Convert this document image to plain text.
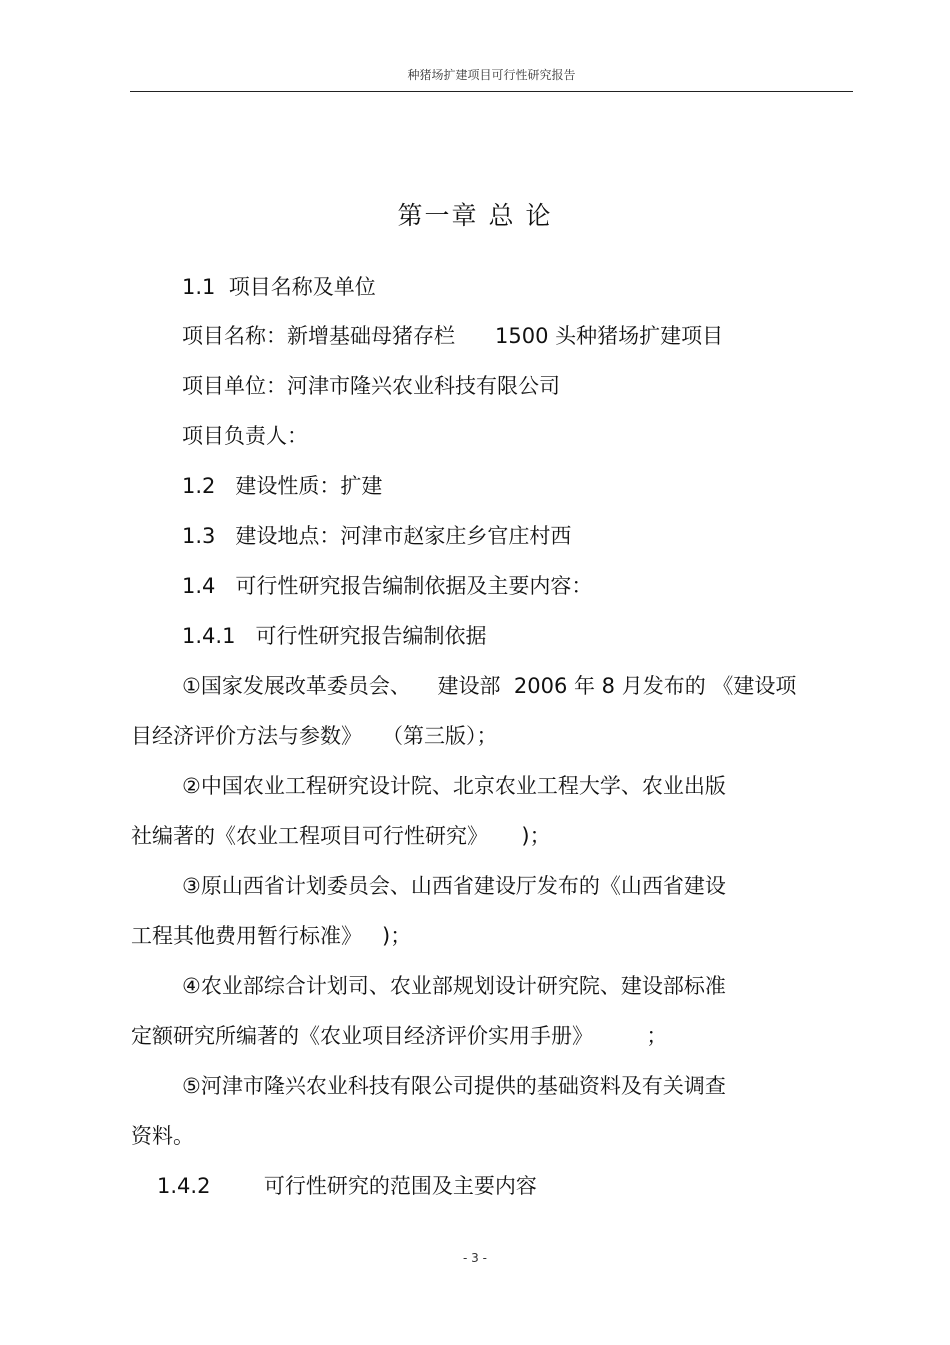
种猪场扩建项目可行性研究报告
第一章 总 论
1.1  项目名称及单位
项目名称：新增基础母猪存栏      1500 头种猪场扩建项目
项目单位：河津市隆兴农业科技有限公司
项目负责人：
1.2   建设性质：扩建
1.3   建设地点：河津市赵家庄乡官庄村西
1.4   可行性研究报告编制依据及主要内容：
1.4.1   可行性研究报告编制依据
①国家发展改革委员会、    建设部  2006 年 8 月发布的 《建设项
目经济评价方法与参数》   （第三版）；
②中国农业工程研究设计院、北京农业工程大学、农业出版
社编著的《农业工程项目可行性研究》     )；
③原山西省计划委员会、山西省建设厅发布的《山西省建设
工程其他费用暂行标准》   )；
④农业部综合计划司、农业部规划设计研究院、建设部标准
定额研究所编著的《农业项目经济评价实用手册》        ；
⑤河津市隆兴农业科技有限公司提供的基础资料及有关调查
资料。
1.4.2        可行性研究的范围及主要内容
- 3 -
